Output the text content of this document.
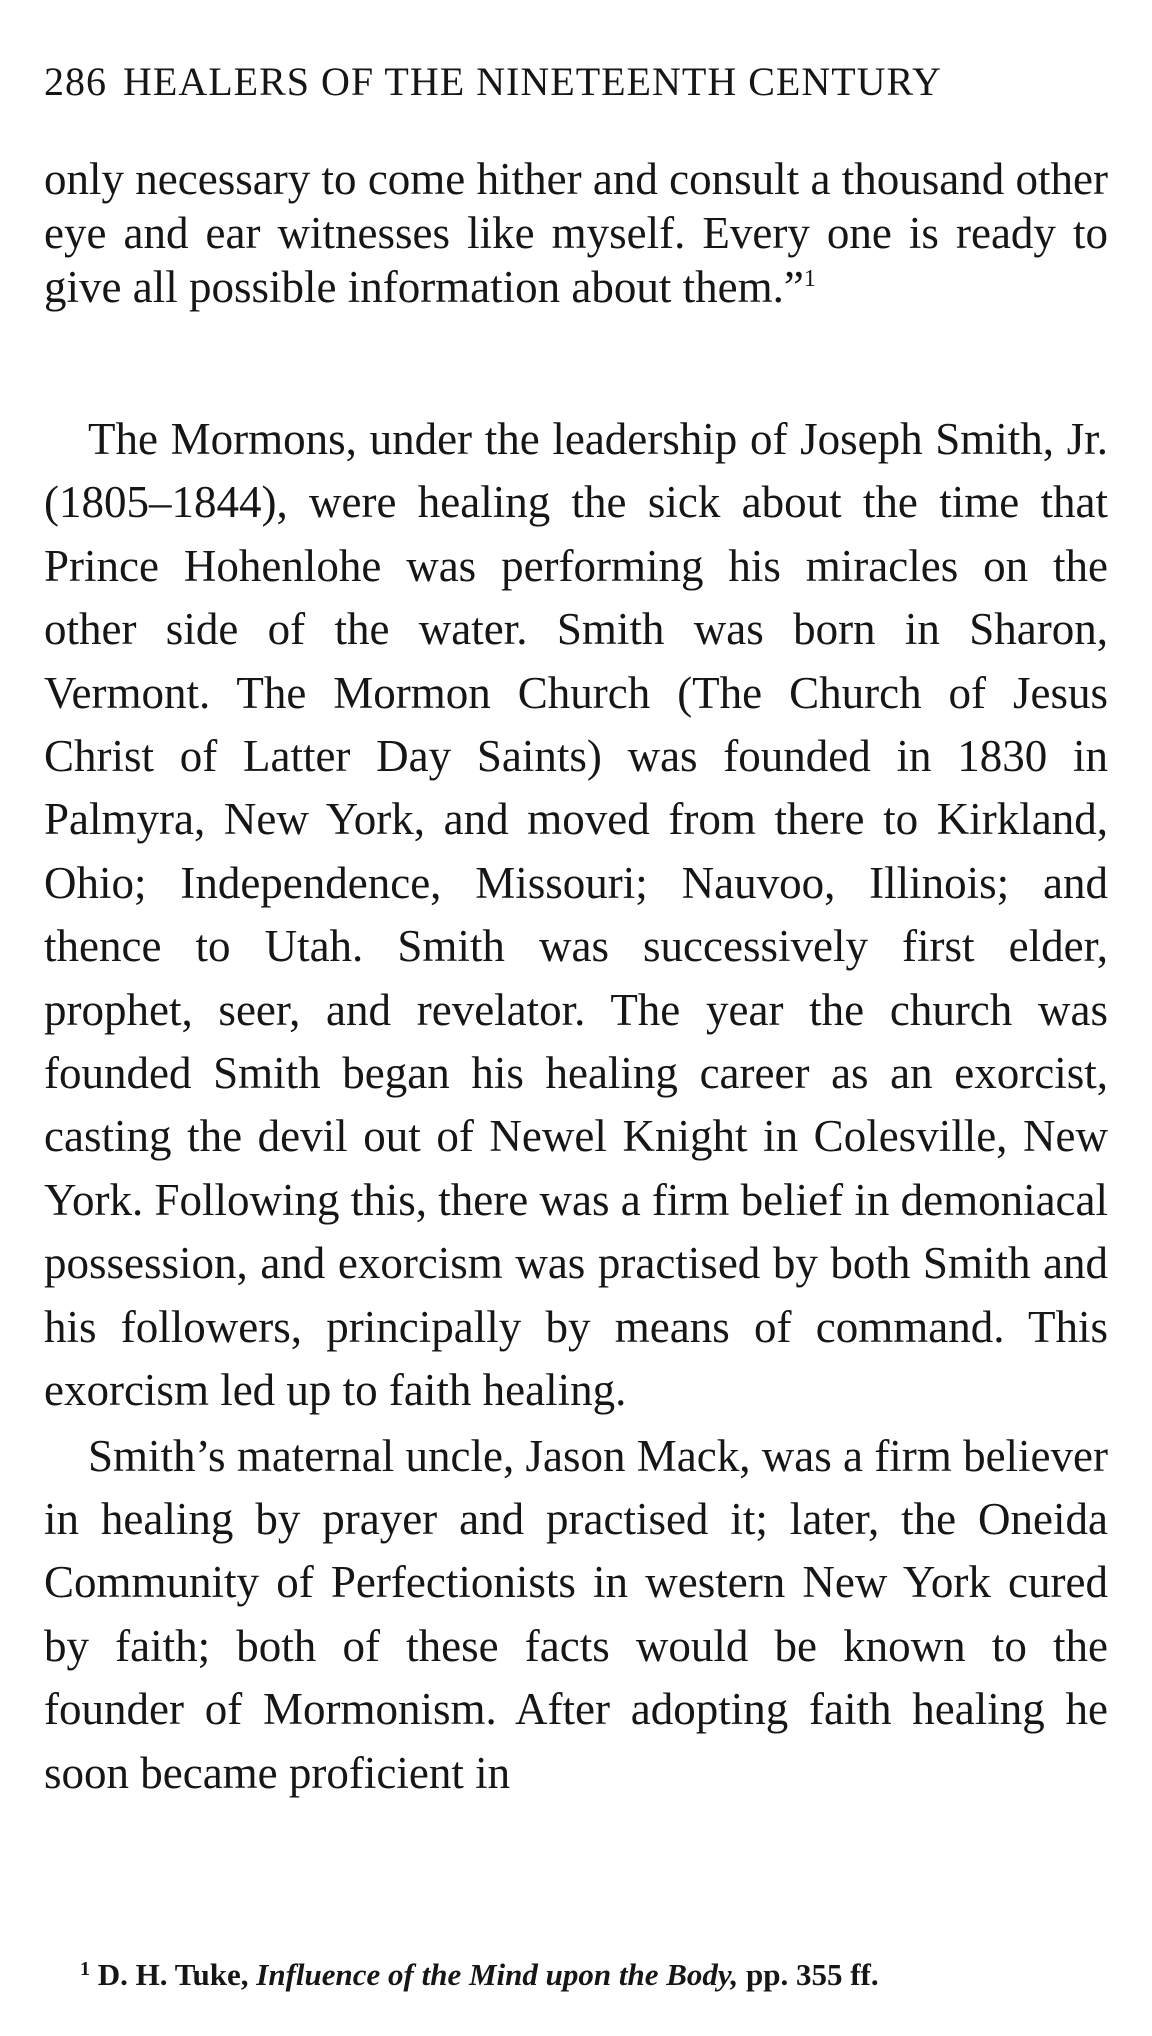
286 HEALERS OF THE NINETEENTH CENTURY

only necessary to come hither and consult a thousand other eye and ear witnesses like myself. Every one is ready to give all possible information about them.”$^1$

The Mormons, under the leadership of Joseph Smith, Jr. (1805–1844), were healing the sick about the time that Prince Hohenlohe was performing his miracles on the other side of the water. Smith was born in Sharon, Vermont. The Mormon Church (The Church of Jesus Christ of Latter Day Saints) was founded in 1830 in Palmyra, New York, and moved from there to Kirkland, Ohio; Independence, Missouri; Nauvoo, Illinois; and thence to Utah. Smith was successively first elder, prophet, seer, and revelator. The year the church was founded Smith began his healing career as an exorcist, casting the devil out of Newel Knight in Colesville, New York. Following this, there was a firm belief in demoniacal possession, and exorcism was practised by both Smith and his followers, principally by means of command. This exorcism led up to faith healing.

Smith’s maternal uncle, Jason Mack, was a firm believer in healing by prayer and practised it; later, the Oneida Community of Perfectionists in western New York cured by faith; both of these facts would be known to the founder of Mormonism. After adopting faith healing he soon became proficient in

$^1$ D. H. Tuke, Influence of the Mind upon the Body, pp. 355 ff.
